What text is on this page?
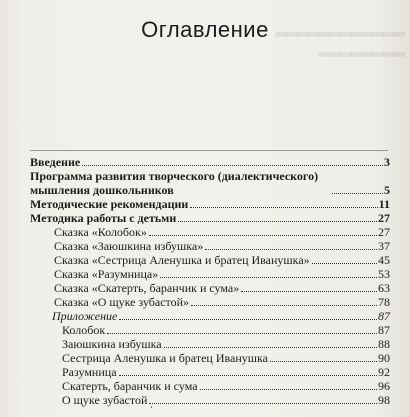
▂▂▂▂▂▂▂▂▂▂▂▂
▂▂▂▂▂▂▂▂
Оглавление
Введение	3
Программа развития творческого (диалектического) мышления дошкольников	5
Методические рекомендации	11
Методика работы с детьми	27
Сказка «Колобок»	27
Сказка «Заюшкина избушка»	37
Сказка «Сестрица Аленушка и братец Иванушка»	45
Сказка «Разумница»	53
Сказка «Скатерть, баранчик и сума»	63
Сказка «О щуке зубастой»	78
Приложение	87
Колобок	87
Заюшкина избушка	88
Сестрица Аленушка и братец Иванушка	90
Разумница	92
Скатерть, баранчик и сума	96
О щуке зубастой	98
‘
